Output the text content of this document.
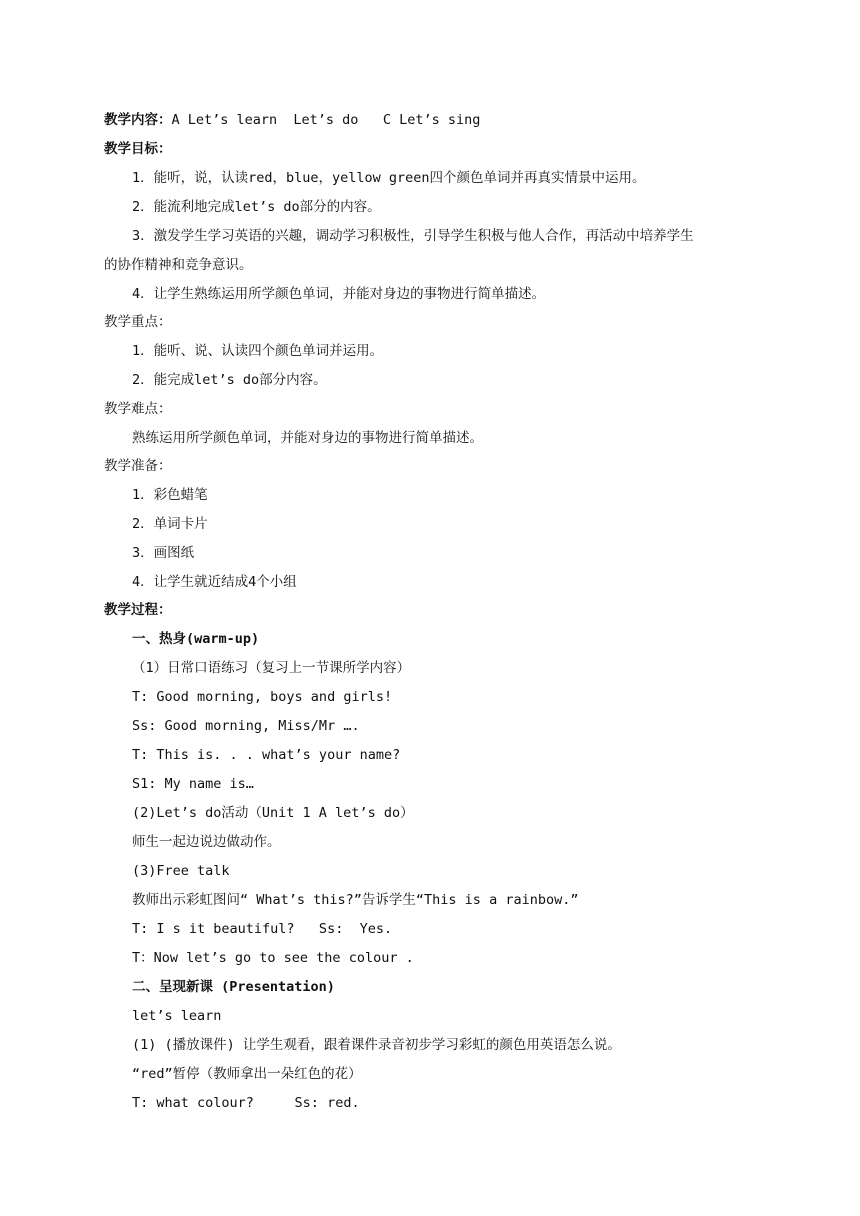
教学内容：A Let’s learn  Let’s do   C Let’s sing
教学目标：
1．能听，说，认读red，blue，yellow green四个颜色单词并再真实情景中运用。
2．能流利地完成let’s do部分的内容。
3．激发学生学习英语的兴趣，调动学习积极性，引导学生积极与他人合作，再活动中培养学生
的协作精神和竞争意识。
4．让学生熟练运用所学颜色单词，并能对身边的事物进行简单描述。
教学重点：
1．能听、说、认读四个颜色单词并运用。
2．能完成let’s do部分内容。
教学难点：
熟练运用所学颜色单词，并能对身边的事物进行简单描述。
教学准备：
1．彩色蜡笔
2．单词卡片
3．画图纸
4．让学生就近结成4个小组
教学过程：
一、热身(warm-up)
（1）日常口语练习（复习上一节课所学内容）
T: Good morning, boys and girls!
Ss: Good morning, Miss/Mr ….
T: This is. . . what’s your name?
S1: My name is…
(2)Let’s do活动（Unit 1 A let’s do）
师生一起边说边做动作。
(3)Free talk
教师出示彩虹图问“ What’s this?”告诉学生“This is a rainbow.”
T: I s it beautiful?   Ss:  Yes.
T：Now let’s go to see the colour .
二、呈现新课 (Presentation)
let’s learn
(1) (播放课件) 让学生观看，跟着课件录音初步学习彩虹的颜色用英语怎么说。
“red”暂停（教师拿出一朵红色的花）
T: what colour?     Ss: red.
